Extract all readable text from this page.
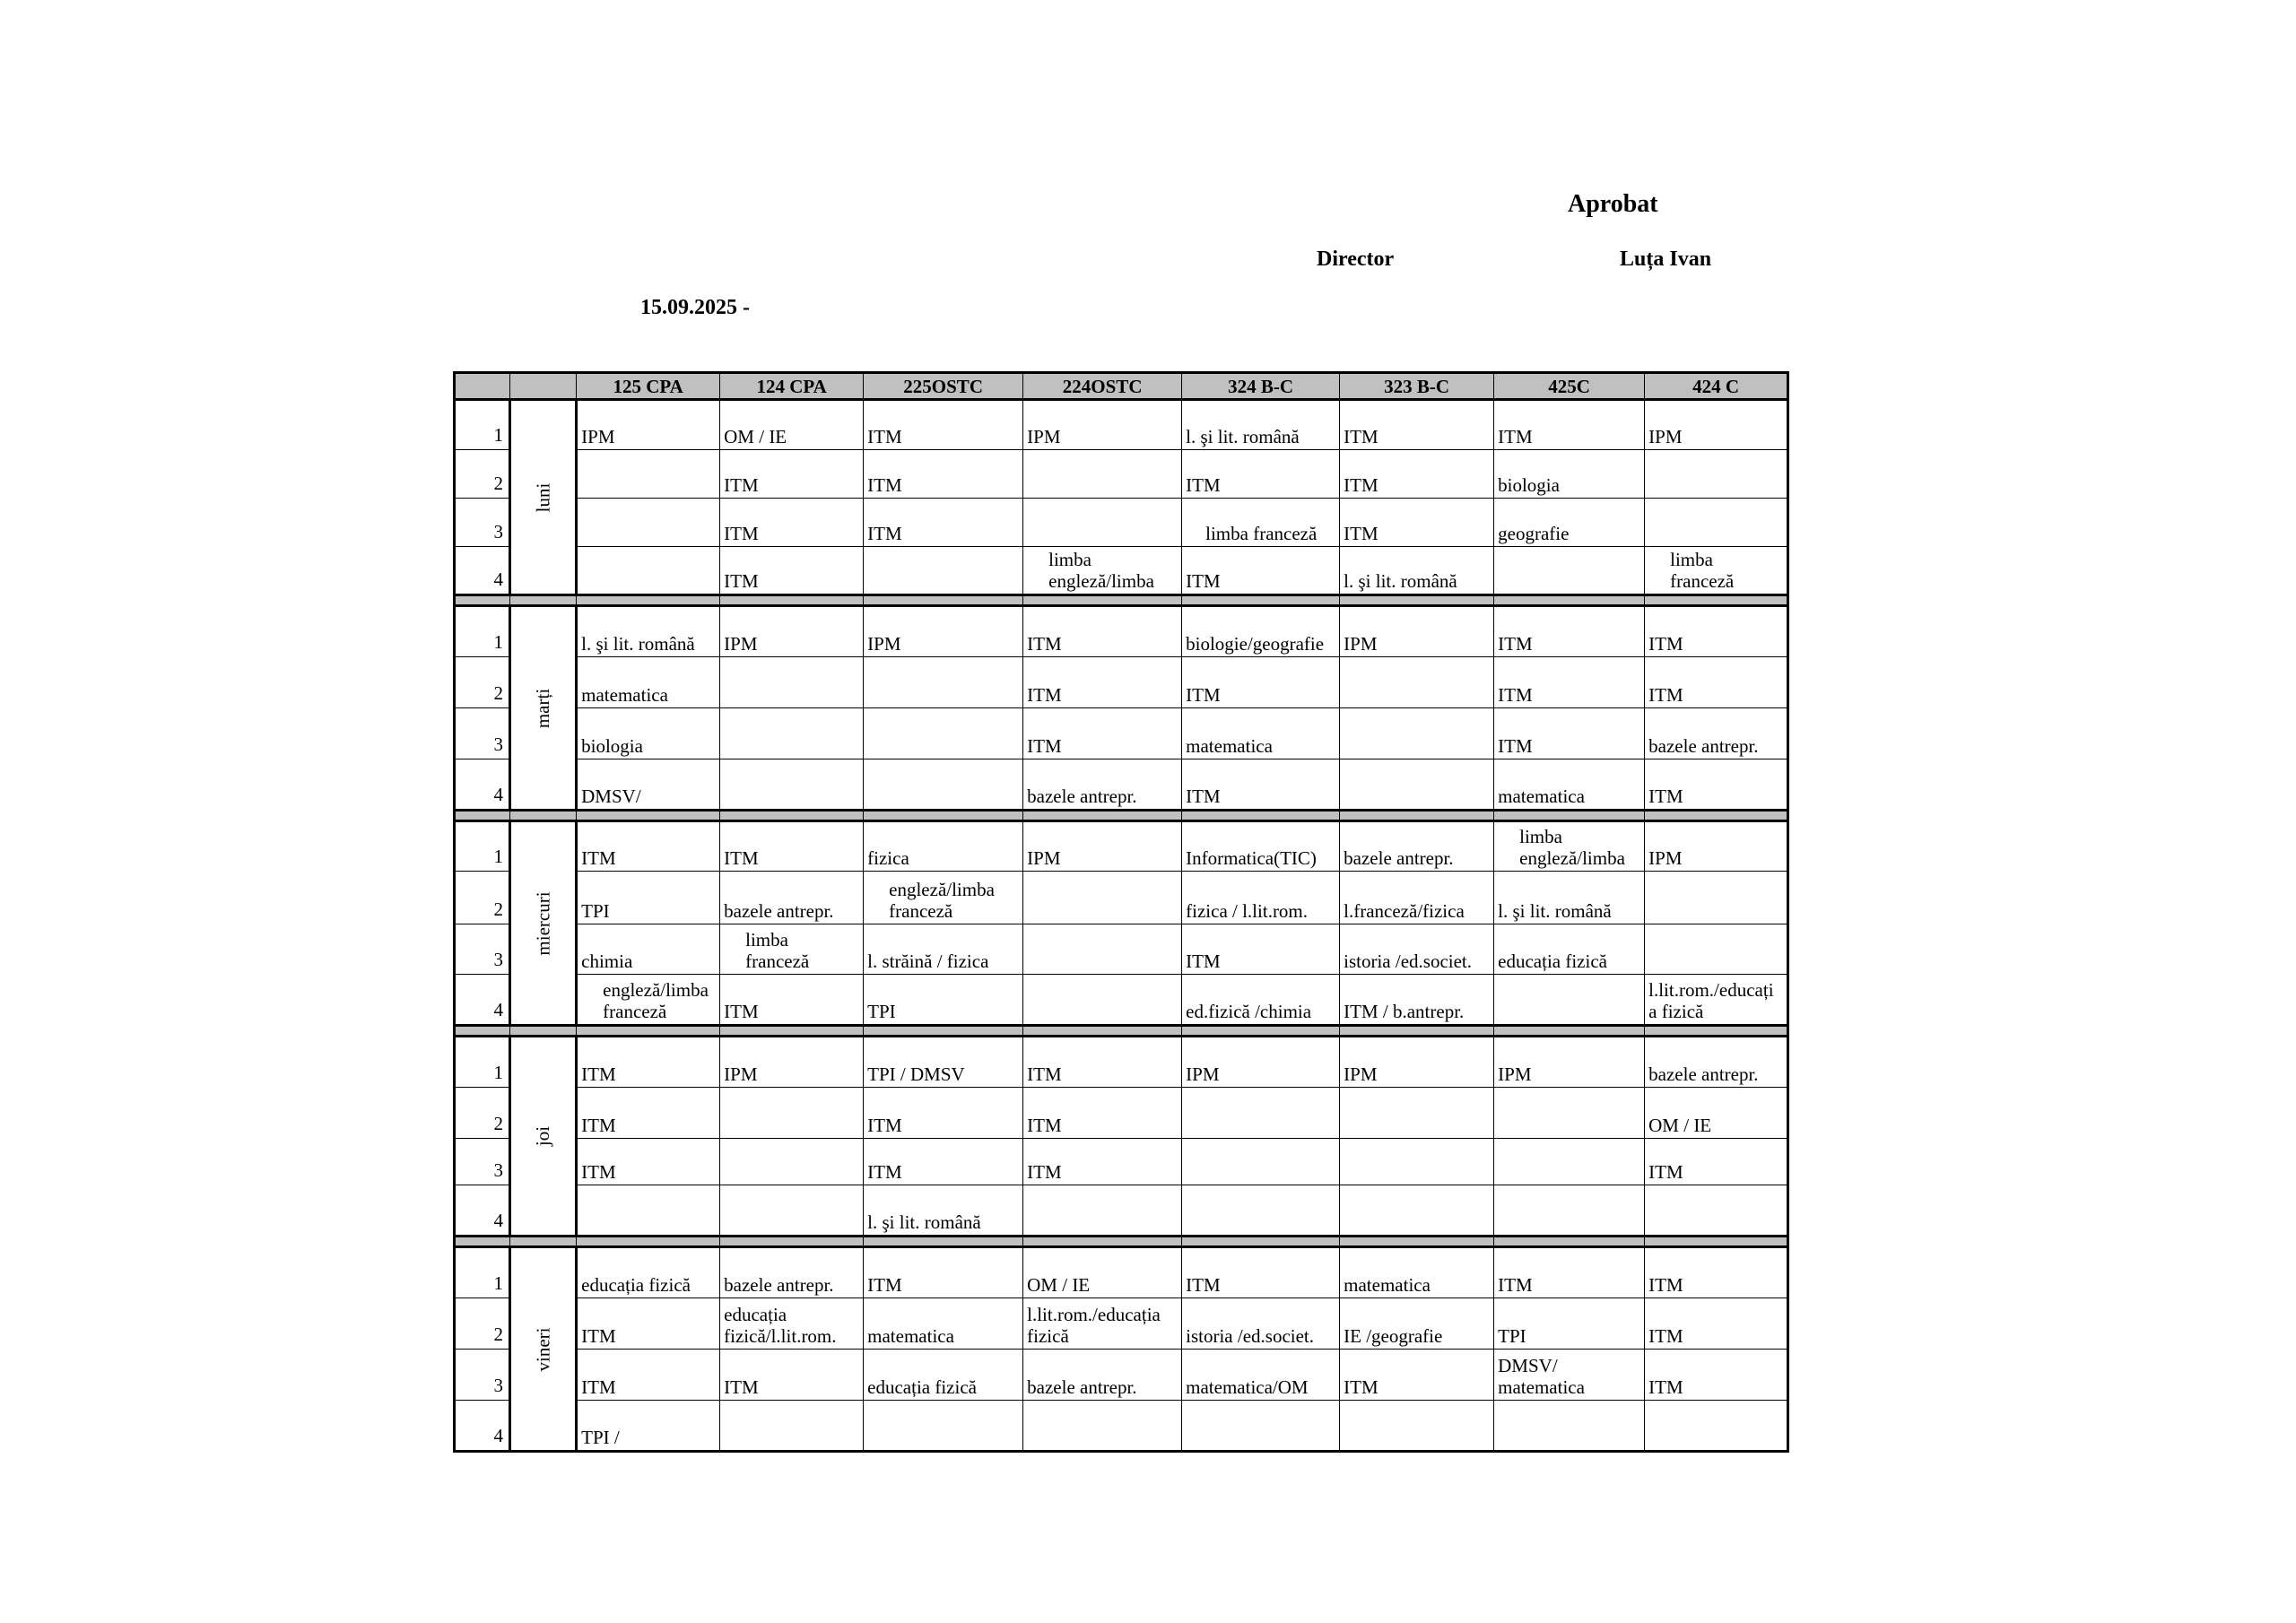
Aprobat
Director	Luța Ivan
15.09.2025 -
		125 CPA	124 CPA	225OSTC	224OSTC	324 B-C	323 B-C	425C	424 C
1	luni	IPM	OM / IE	ITM	IPM	l. şi lit. română	ITM	ITM	IPM

2			ITM	ITM		ITM	ITM	biologia	

3			ITM	ITM		limba franceză	ITM	geografie	

4			ITM		limba
engleză/limba	ITM	l. şi lit. română		limba
franceză

1	marți	l. şi lit. română	IPM	IPM	ITM	biologie/geografie	IPM	ITM	ITM

2		matematica			ITM	ITM		ITM	ITM

3		biologia			ITM	matematica		ITM	bazele antrepr.

4		DMSV/			bazele antrepr.	ITM		matematica	ITM

1	miercuri	ITM	ITM	fizica	IPM	Informatica(TIC)	bazele antrepr.	limba
engleză/limba	IPM

2		TPI	bazele antrepr.	engleză/limba
franceză		fizica / l.lit.rom.	l.franceză/fizica	l. şi lit. română	

3		chimia	limba
franceză	l. străină / fizica		ITM	istoria /ed.societ.	educația fizică	

4		engleză/limba
franceză	ITM	TPI		ed.fizică /chimia	ITM / b.antrepr.		l.lit.rom./educați
a fizică

1	joi	ITM	IPM	TPI / DMSV	ITM	IPM	IPM	IPM	bazele antrepr.

2		ITM		ITM	ITM				OM / IE

3		ITM		ITM	ITM				ITM

4				l. şi lit. română					

1	vineri	educația fizică	bazele antrepr.	ITM	OM / IE	ITM	matematica	ITM	ITM

2		ITM	educația
fizică/l.lit.rom.	matematica	l.lit.rom./educația
fizică	istoria /ed.societ.	IE /geografie	TPI	ITM

3		ITM	ITM	educația fizică	bazele antrepr.	matematica/OM	ITM	DMSV/
matematica	ITM

4		TPI /							
